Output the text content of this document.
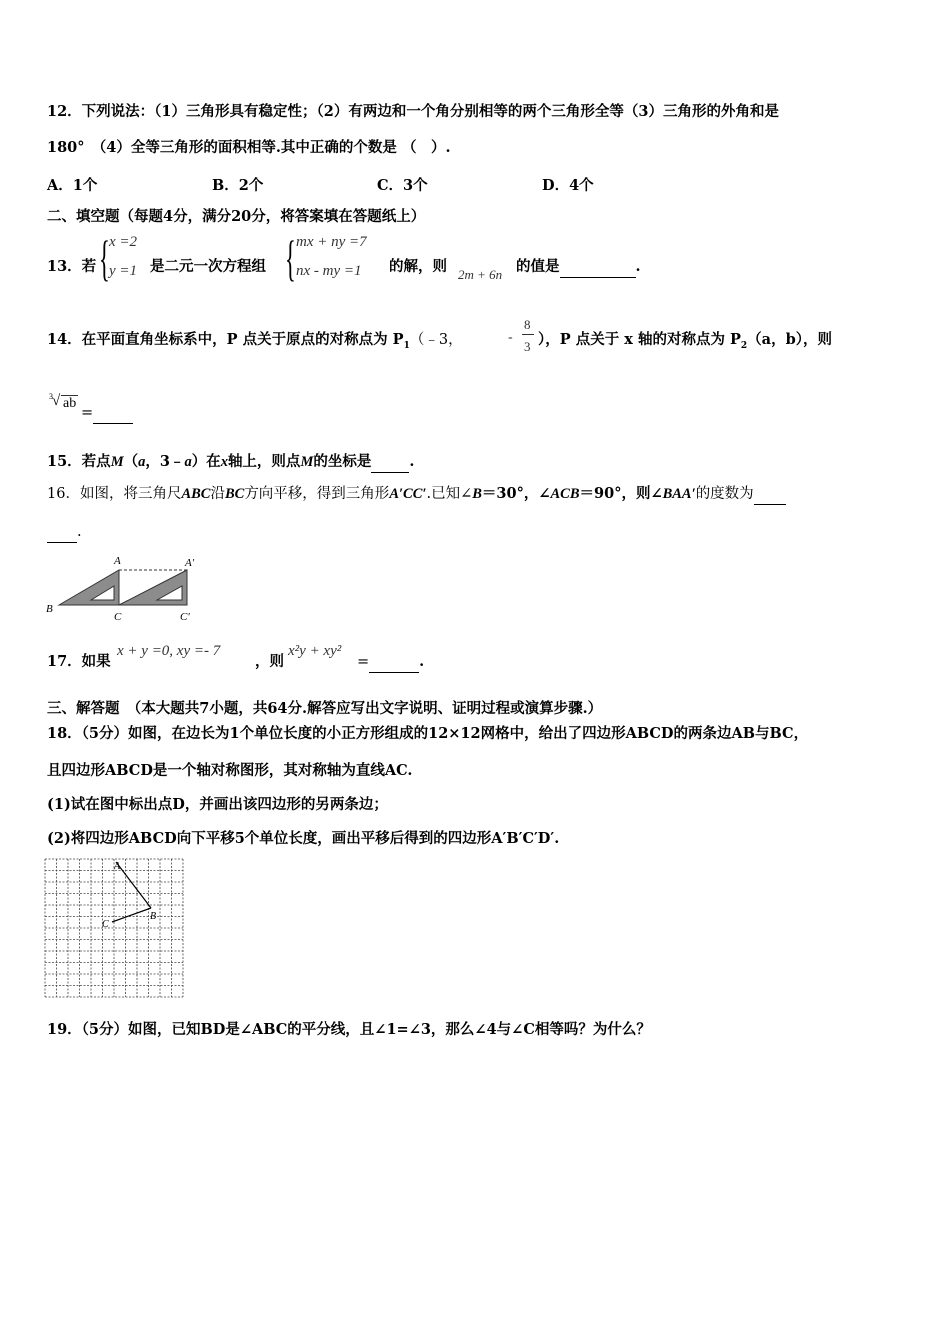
12．下列说法：（1）三角形具有稳定性；（2）有两边和一个角分别相等的两个三角形全等（3）三角形的外角和是
180°　（4）全等三角形的面积相等.其中正确的个数是 （　）.
A．1个	B．2个	C．3个	D．4个
二、填空题（每题4分，满分20分，将答案填在答题纸上）
13．若 { x =2
y =1 是二元一次方程组 { mx + ny =7
nx - my =1 的解，则 2m + 6n 的值是	.
14．在平面直角坐标系中，P 点关于原点的对称点为 $P_1(﹣3$，	-
8
3 ），P 点关于 x 轴的对称点为 $P_2(a$，b），则
3 √ ab
=
15．若点M（a，3﹣a）在x轴上，则点M的坐标是	.
16．如图，将三角尺ABC沿BC方向平移，得到三角形A′CC′.已知∠B＝30°，∠ACB＝90°，则∠BAA′的度数为
.
A	A′
B
C	C′
17．如果
x + y =0, xy =- 7
，则
x²y + xy²
=	.
三、解答题　 （本大题共7小题，共64分.解答应写出文字说明、证明过程或演算步骤.）
18．（5分）如图，在边长为1个单位长度的小正方形组成的12×12网格中，给出了四边形ABCD的两条边AB与BC，
且四边形ABCD是一个轴对称图形，其对称轴为直线AC.
(1)试在图中标出点D，并画出该四边形的另两条边；
(2)将四边形ABCD向下平移5个单位长度，画出平移后得到的四边形A′B′C′D′.
A
B
C
19．（5分）如图，已知BD是∠ABC的平分线，且∠1=∠3，那么∠4与∠C相等吗？为什么？
